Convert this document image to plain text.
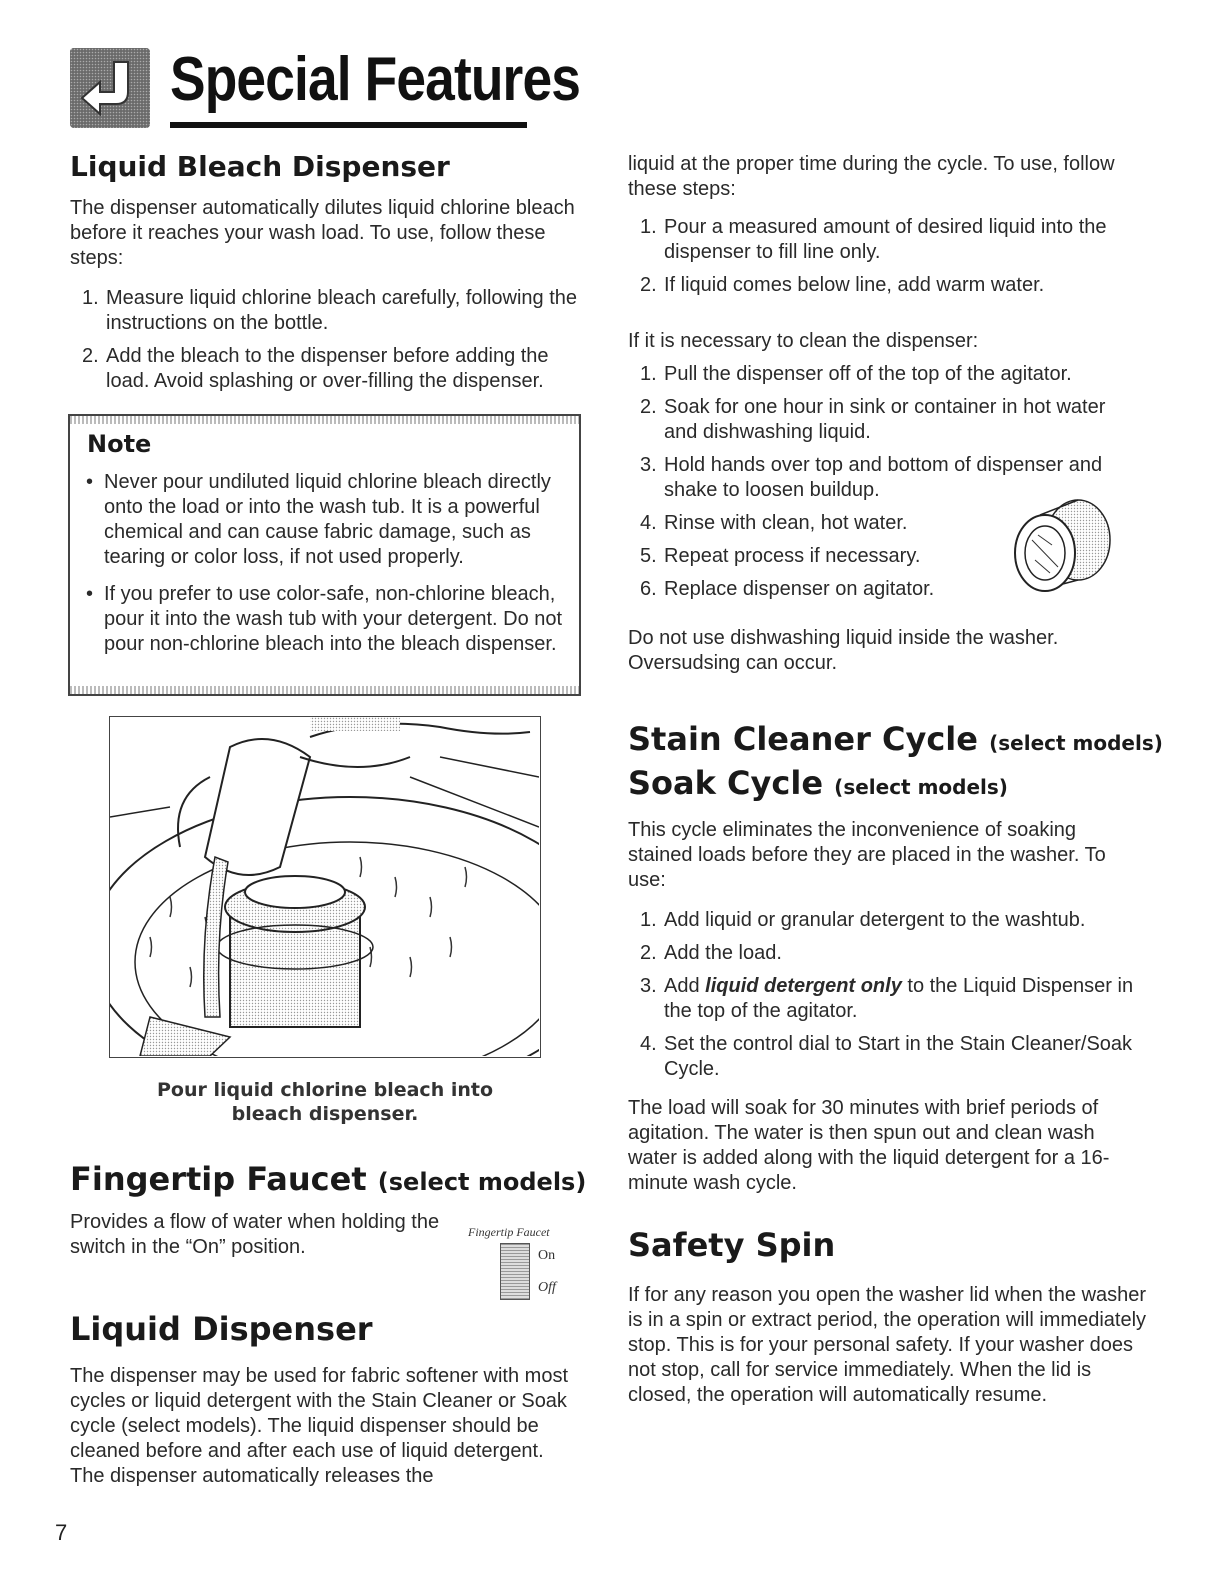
Special Features
Liquid Bleach Dispenser

The dispenser automatically dilutes liquid chlorine bleach before it reaches your wash load. To use, follow these steps:

1. Measure liquid chlorine bleach carefully, following the instructions on the bottle.
2. Add the bleach to the dispenser before adding the load. Avoid splashing or over-filling the dispenser.
Note
• Never pour undiluted liquid chlorine bleach directly onto the load or into the wash tub. It is a powerful chemical and can cause fabric damage, such as tearing or color loss, if not used properly.
• If you prefer to use color-safe, non-chlorine bleach, pour it into the wash tub with your detergent. Do not pour non-chlorine bleach into the bleach dispenser.
Pour liquid chlorine bleach into
bleach dispenser.
Fingertip Faucet (select models)

Provides a flow of water when holding the
switch in the “On” position.

Fingertip Faucet
On
Off
Liquid Dispenser

The dispenser may be used for fabric softener with most cycles or liquid detergent with the Stain Cleaner or Soak cycle (select models). The liquid dispenser should be cleaned before and after each use of liquid detergent. The dispenser automatically releases the

7

liquid at the proper time during the cycle. To use, follow these steps:

1. Pour a measured amount of desired liquid into the dispenser to fill line only.
2. If liquid comes below line, add warm water.

If it is necessary to clean the dispenser:

1. Pull the dispenser off of the top of the agitator.
2. Soak for one hour in sink or container in hot water and dishwashing liquid.
3. Hold hands over top and bottom of dispenser and shake to loosen buildup.
4. Rinse with clean, hot water.
5. Repeat process if necessary.
6. Replace dispenser on agitator.

Do not use dishwashing liquid inside the washer. Oversudsing can occur.

Stain Cleaner Cycle (select models)
Soak Cycle (select models)

This cycle eliminates the inconvenience of soaking stained loads before they are placed in the washer. To use:

1. Add liquid or granular detergent to the washtub.
2. Add the load.
3. Add liquid detergent only to the Liquid Dispenser in the top of the agitator.
4. Set the control dial to Start in the Stain Cleaner/Soak Cycle.

The load will soak for 30 minutes with brief periods of agitation. The water is then spun out and clean wash water is added along with the liquid detergent for a 16-minute wash cycle.

Safety Spin

If for any reason you open the washer lid when the washer is in a spin or extract period, the operation will immediately stop. This is for your personal safety. If your washer does not stop, call for service immediately. When the lid is closed, the operation will automatically resume.
